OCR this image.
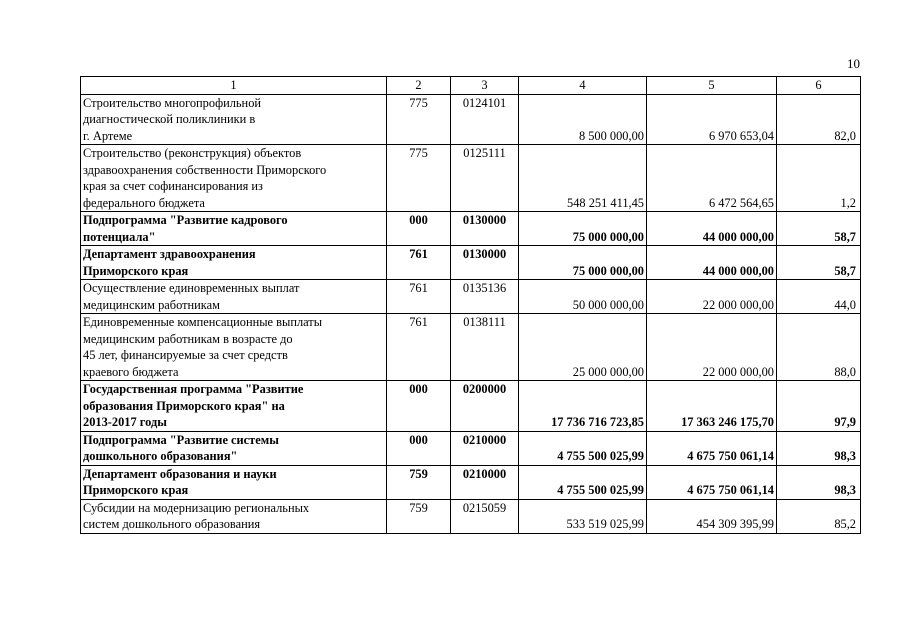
10
1	2	3	4	5	6

Строительство многопрофильной
диагностической поликлиники в
г. Артеме	775	0124101	8 500 000,00	6 970 653,04	82,0

Строительство (реконструкция) объектов
здравоохранения собственности Приморского
края за счет софинансирования из
федерального бюджета	775	0125111	548 251 411,45	6 472 564,65	1,2

Подпрограмма "Развитие кадрового
потенциала"	000	0130000	75 000 000,00	44 000 000,00	58,7

Департамент здравоохранения
Приморского края	761	0130000	75 000 000,00	44 000 000,00	58,7

Осуществление единовременных выплат
медицинским работникам	761	0135136	50 000 000,00	22 000 000,00	44,0

Единовременные компенсационные выплаты
медицинским работникам в возрасте до
45 лет, финансируемые за счет средств
краевого бюджета	761	0138111	25 000 000,00	22 000 000,00	88,0

Государственная программа "Развитие
образования Приморского края" на
2013-2017 годы	000	0200000	17 736 716 723,85	17 363 246 175,70	97,9

Подпрограмма "Развитие системы
дошкольного образования"	000	0210000	4 755 500 025,99	4 675 750 061,14	98,3

Департамент образования и науки
Приморского края	759	0210000	4 755 500 025,99	4 675 750 061,14	98,3

Субсидии на модернизацию региональных
систем дошкольного образования	759	0215059	533 519 025,99	454 309 395,99	85,2
